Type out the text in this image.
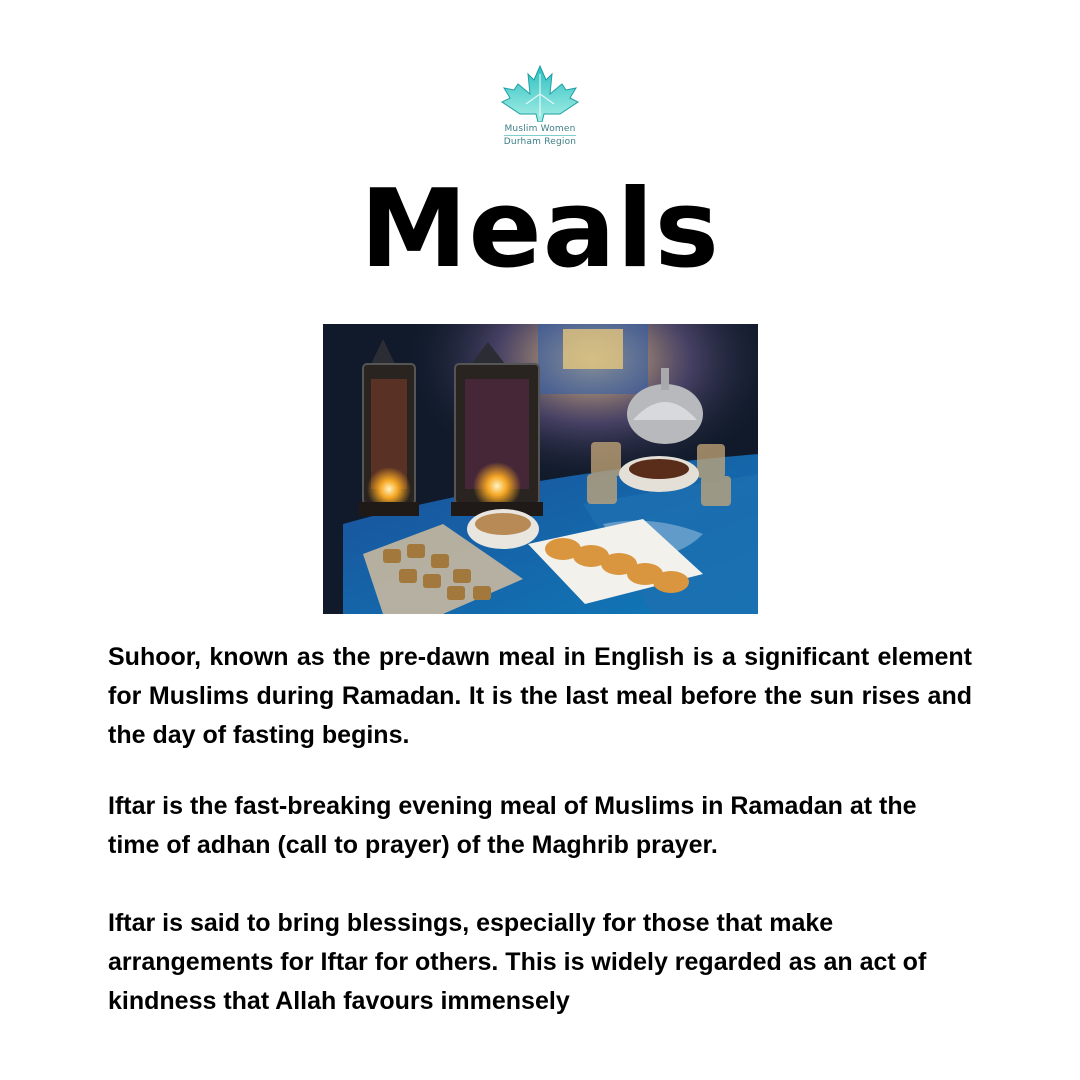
Muslim Women
Durham Region
Meals

Suhoor, known as the pre-dawn meal in English is a significant element for Muslims during Ramadan. It is the last meal before the sun rises and the day of fasting begins.

Iftar is the fast-breaking evening meal of Muslims in Ramadan at the time of adhan (call to prayer) of the Maghrib prayer.

Iftar is said to bring blessings, especially for those that make arrangements for Iftar for others. This is widely regarded as an act of kindness that Allah favours immensely
